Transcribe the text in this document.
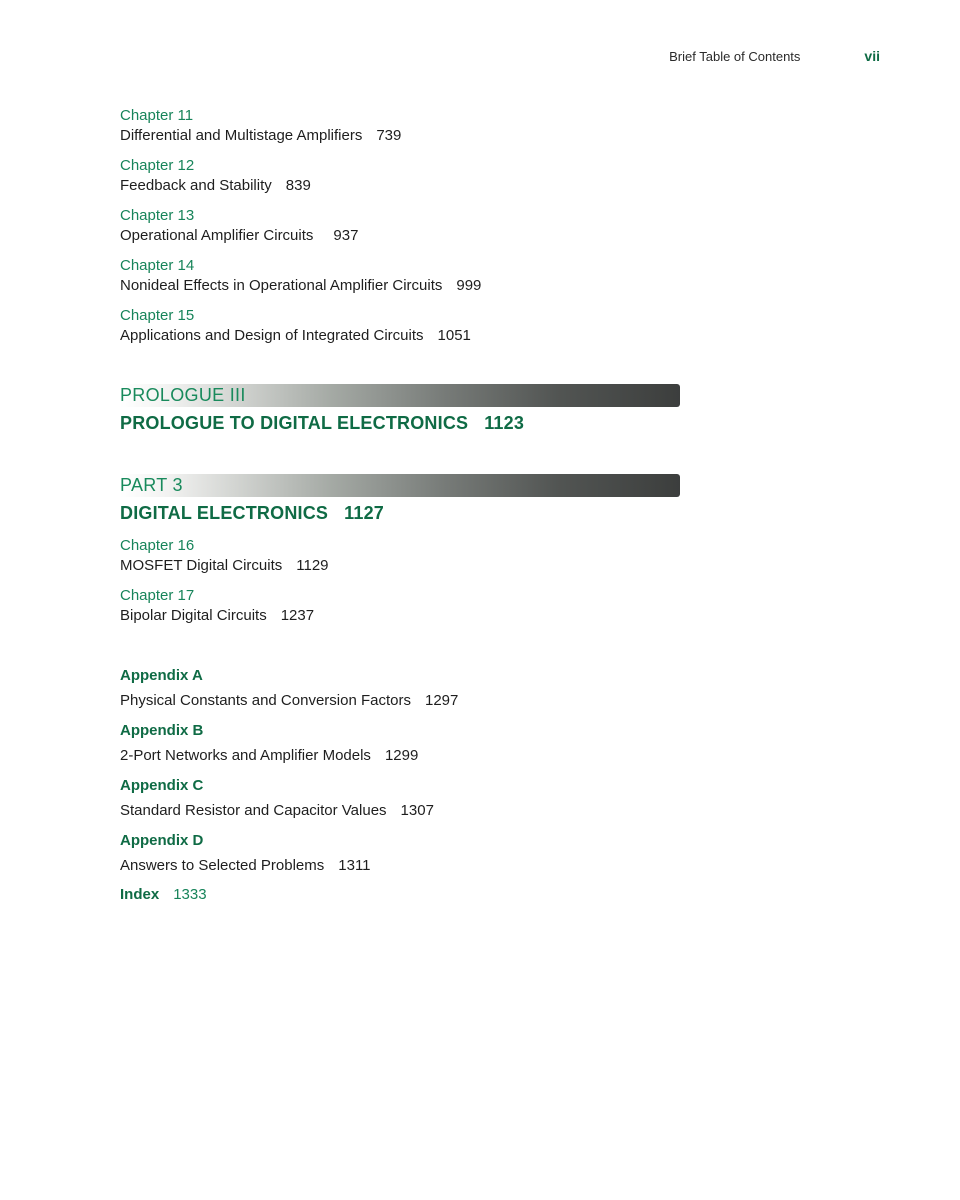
Brief Table of Contents	vii
Chapter 11
Differential and Multistage Amplifiers 739
Chapter 12
Feedback and Stability 839
Chapter 13
Operational Amplifier Circuits 937
Chapter 14
Nonideal Effects in Operational Amplifier Circuits 999
Chapter 15
Applications and Design of Integrated Circuits 1051
PROLOGUE III
PROLOGUE TO DIGITAL ELECTRONICS 1123
PART 3
DIGITAL ELECTRONICS 1127
Chapter 16
MOSFET Digital Circuits 1129
Chapter 17
Bipolar Digital Circuits 1237
Appendix A
Physical Constants and Conversion Factors 1297
Appendix B
2-Port Networks and Amplifier Models 1299
Appendix C
Standard Resistor and Capacitor Values 1307
Appendix D
Answers to Selected Problems 1311
Index 1333
